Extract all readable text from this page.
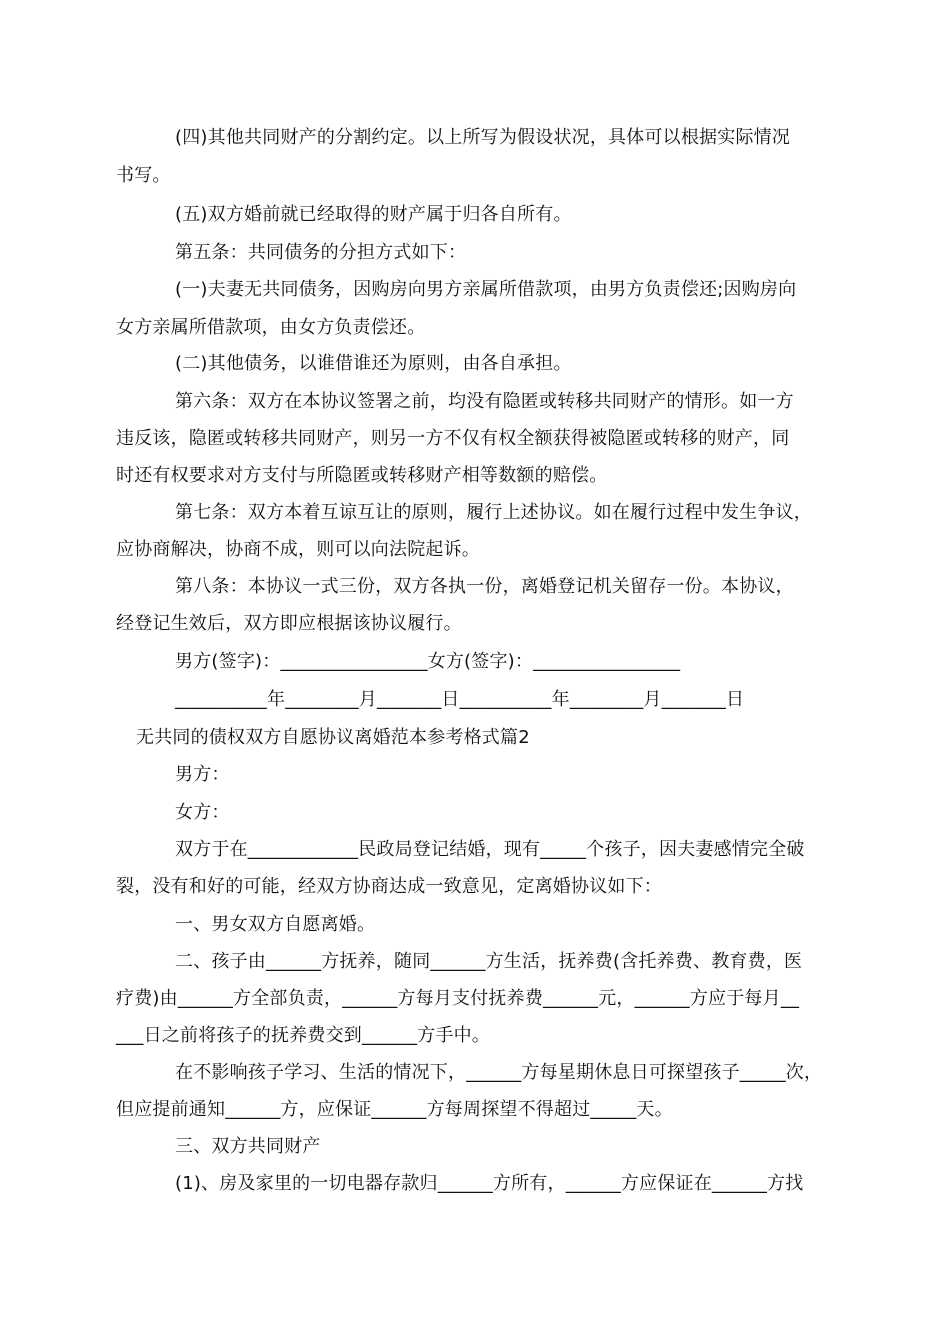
(四)其他共同财产的分割约定。以上所写为假设状况，具体可以根据实际情况
书写。
(五)双方婚前就已经取得的财产属于归各自所有。
第五条：共同债务的分担方式如下：
(一)夫妻无共同债务，因购房向男方亲属所借款项，由男方负责偿还;因购房向
女方亲属所借款项，由女方负责偿还。
(二)其他债务，以谁借谁还为原则，由各自承担。
第六条：双方在本协议签署之前，均没有隐匿或转移共同财产的情形。如一方
违反该，隐匿或转移共同财产，则另一方不仅有权全额获得被隐匿或转移的财产，同
时还有权要求对方支付与所隐匿或转移财产相等数额的赔偿。
第七条：双方本着互谅互让的原则，履行上述协议。如在履行过程中发生争议，
应协商解决，协商不成，则可以向法院起诉。
第八条：本协议一式三份，双方各执一份，离婚登记机关留存一份。本协议，
经登记生效后，双方即应根据该协议履行。
男方(签字)：________________女方(签字)：________________
__________年________月_______日__________年________月_______日
无共同的债权双方自愿协议离婚范本参考格式篇2
男方：
女方：
双方于在____________民政局登记结婚，现有_____个孩子，因夫妻感情完全破
裂，没有和好的可能，经双方协商达成一致意见，定离婚协议如下：
一、男女双方自愿离婚。
二、孩子由______方抚养，随同______方生活，抚养费(含托养费、教育费，医
疗费)由______方全部负责，______方每月支付抚养费______元，______方应于每月__
___日之前将孩子的抚养费交到______方手中。
在不影响孩子学习、生活的情况下，______方每星期休息日可探望孩子_____次，
但应提前通知______方，应保证______方每周探望不得超过_____天。
三、双方共同财产
(1)、房及家里的一切电器存款归______方所有，______方应保证在______方找
